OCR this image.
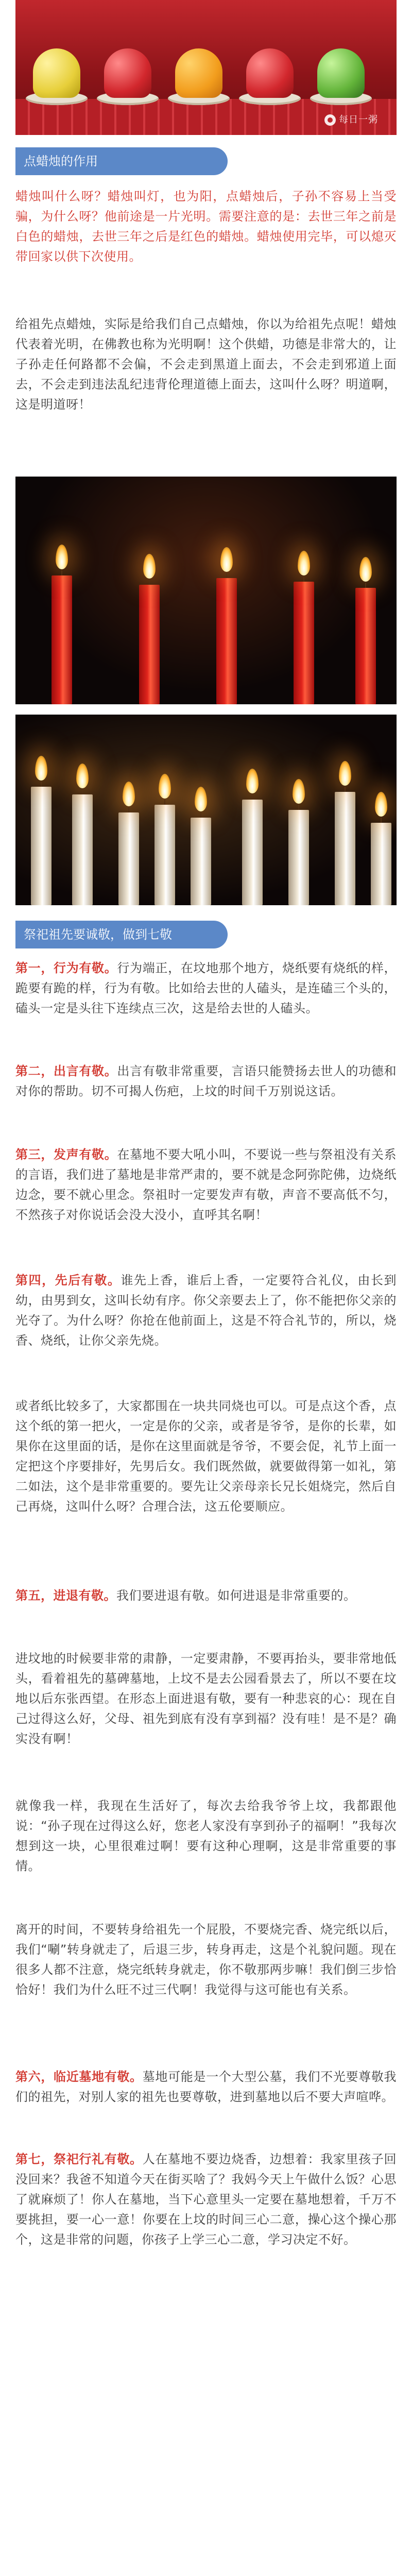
每日一粥
点蜡烛的作用

蜡烛叫什么呀？蜡烛叫灯，也为阳，点蜡烛后，子孙不容易上当受骗，为什么呀？他前途是一片光明。需要注意的是：去世三年之前是白色的蜡烛，去世三年之后是红色的蜡烛。蜡烛使用完毕，可以熄灭带回家以供下次使用。

给祖先点蜡烛，实际是给我们自己点蜡烛，你以为给祖先点呢！蜡烛代表着光明，在佛教也称为光明啊！这个供蜡，功德是非常大的，让子孙走任何路都不会偏，不会走到黑道上面去，不会走到邪道上面去，不会走到违法乱纪违背伦理道德上面去，这叫什么呀？明道啊，这是明道呀！

祭祀祖先要诚敬，做到七敬

第一，行为有敬。行为端正，在坟地那个地方，烧纸要有烧纸的样，跪要有跪的样，行为有敬。比如给去世的人磕头，是连磕三个头的，磕头一定是头往下连续点三次，这是给去世的人磕头。

第二，出言有敬。出言有敬非常重要，言语只能赞扬去世人的功德和对你的帮助。切不可揭人伤疤，上坟的时间千万别说这话。

第三，发声有敬。在墓地不要大吼小叫，不要说一些与祭祖没有关系的言语，我们进了墓地是非常严肃的，要不就是念阿弥陀佛，边烧纸边念，要不就心里念。祭祖时一定要发声有敬，声音不要高低不匀，不然孩子对你说话会没大没小，直呼其名啊！

第四，先后有敬。谁先上香，谁后上香，一定要符合礼仪，由长到幼，由男到女，这叫长幼有序。你父亲要去上了，你不能把你父亲的光夺了。为什么呀？你抢在他前面上，这是不符合礼节的，所以，烧香、烧纸，让你父亲先烧。

或者纸比较多了，大家都围在一块共同烧也可以。可是点这个香，点这个纸的第一把火，一定是你的父亲，或者是爷爷，是你的长辈，如果你在这里面的话，是你在这里面就是爷爷，不要会促，礼节上面一定把这个序要排好，先男后女。我们既然做，就要做得第一如礼，第二如法，这个是非常重要的。要先让父亲母亲长兄长姐烧完，然后自己再烧，这叫什么呀？合理合法，这五伦要顺应。

第五，进退有敬。我们要进退有敬。如何进退是非常重要的。

进坟地的时候要非常的肃静，一定要肃静，不要再抬头，要非常地低头，看着祖先的墓碑墓地，上坟不是去公园看景去了，所以不要在坟地以后东张西望。在形态上面进退有敬，要有一种悲哀的心：现在自己过得这么好，父母、祖先到底有没有享到福？没有哇！是不是？确实没有啊！

就像我一样，我现在生活好了，每次去给我爷爷上坟，我都跟他说：“孙子现在过得这么好，您老人家没有享到孙子的福啊！”我每次想到这一块，心里很难过啊！要有这种心理啊，这是非常重要的事情。

离开的时间，不要转身给祖先一个屁股，不要烧完香、烧完纸以后，我们“唰”转身就走了，后退三步，转身再走，这是个礼貌问题。现在很多人都不注意，烧完纸转身就走，你不敬那两步嘛！我们倒三步恰恰好！我们为什么旺不过三代啊！我觉得与这可能也有关系。

第六，临近墓地有敬。墓地可能是一个大型公墓，我们不光要尊敬我们的祖先，对别人家的祖先也要尊敬，进到墓地以后不要大声喧哗。

第七，祭祀行礼有敬。人在墓地不要边烧香，边想着：我家里孩子回没回来？我爸不知道今天在街买啥了？我妈今天上午做什么饭？心思了就麻烦了！你人在墓地，当下心意里头一定要在墓地想着，千万不要挑担，要一心一意！你要在上坟的时间三心二意，操心这个操心那个，这是非常的问题，你孩子上学三心二意，学习决定不好。
